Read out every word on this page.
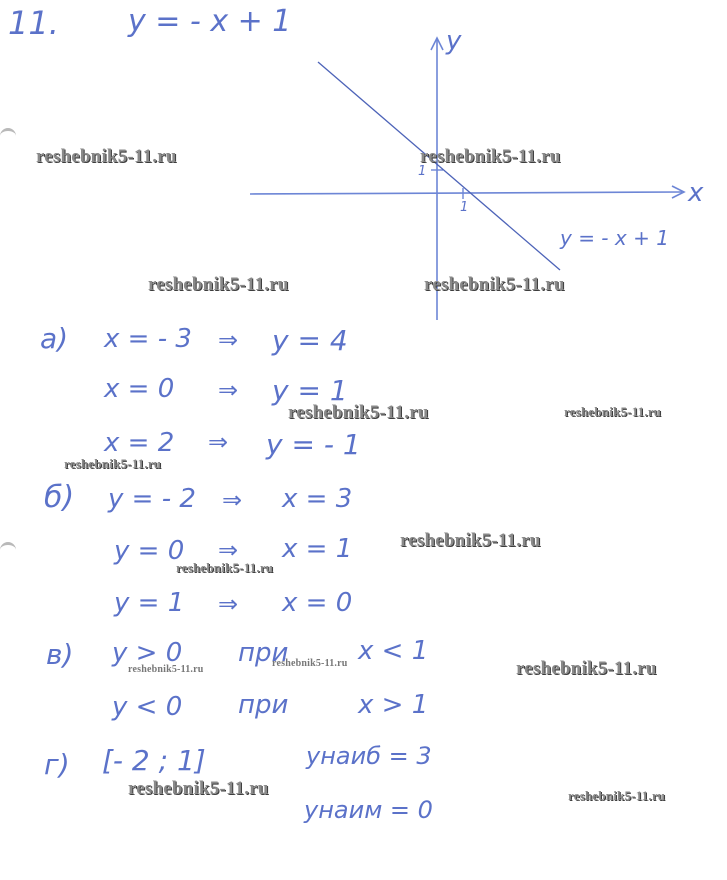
11. y = - x + 1
y
x
1
1
y = - x + 1
a) x = - 3 ⇒ y = 4
x = 0 ⇒ y = 1
x = 2 ⇒ y = - 1
б) y = - 2 ⇒ x = 3
y = 0 ⇒ x = 1
y = 1 ⇒ x = 0
в) y > 0 при	x < 1
y < 0 при	x > 1
г) [- 2 ; 1]	yнаиб = 3
yнаим = 0
reshebnik5-11.ru	reshebnik5-11.ru
reshebnik5-11.ru	reshebnik5-11.ru
reshebnik5-11.ru	reshebnik5-11.ru
reshebnik5-11.ru
reshebnik5-11.ru
reshebnik5-11.ru
reshebnik5-11.ru
reshebnik5-11.ru	reshebnik5-11.ru
reshebnik5-11.ru	reshebnik5-11.ru
